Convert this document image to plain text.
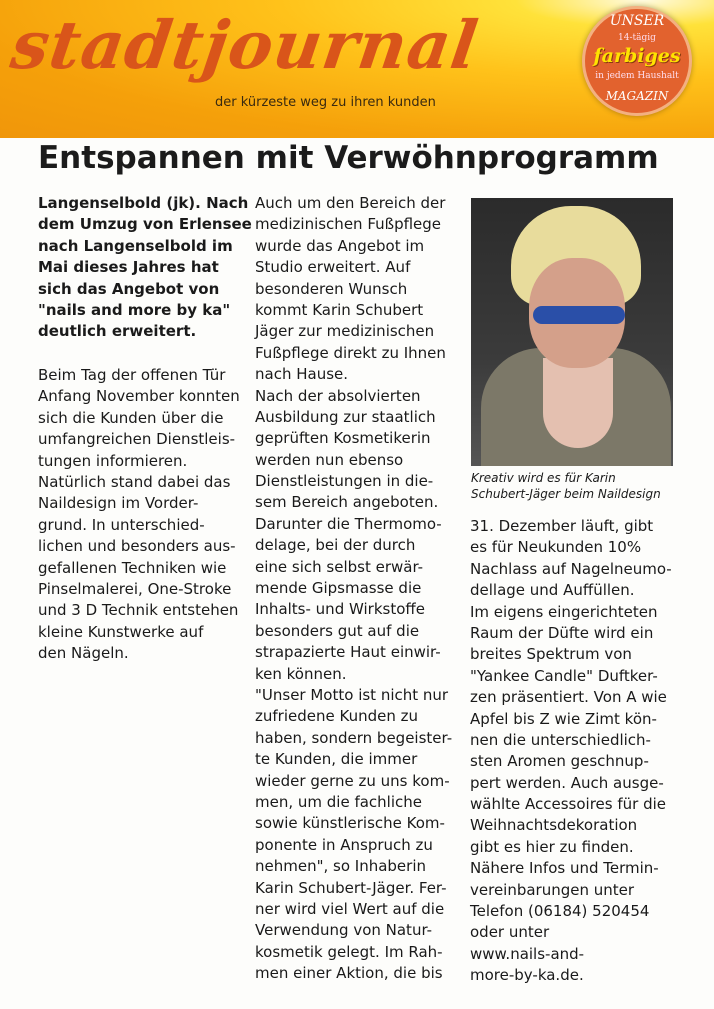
stadtjournal
der kürzeste weg zu ihren kunden
UNSER
14-tägig
farbiges
in jedem Haushalt
MAGAZIN
Entspannen mit Verwöhnprogramm
Langenselbold (jk). Nach
dem Umzug von Erlensee
nach Langenselbold im
Mai dieses Jahres hat
sich das Angebot von
"nails and more by ka"
deutlich erweitert.
Beim Tag der offenen Tür
Anfang November konnten
sich die Kunden über die
umfangreichen Dienstleis-
tungen informieren.
Natürlich stand dabei das
Naildesign im Vorder-
grund. In unterschied-
lichen und besonders aus-
gefallenen Techniken wie
Pinselmalerei, One-Stroke
und 3 D Technik entstehen
kleine Kunstwerke auf
den Nägeln.
Auch um den Bereich der
medizinischen Fußpflege
wurde das Angebot im
Studio erweitert. Auf
besonderen Wunsch
kommt Karin Schubert
Jäger zur medizinischen
Fußpflege direkt zu Ihnen
nach Hause.
Nach der absolvierten
Ausbildung zur staatlich
geprüften Kosmetikerin
werden nun ebenso
Dienstleistungen in die-
sem Bereich angeboten.
Darunter die Thermomo-
delage, bei der durch
eine sich selbst erwär-
mende Gipsmasse die
Inhalts- und Wirkstoffe
besonders gut auf die
strapazierte Haut einwir-
ken können.
"Unser Motto ist nicht nur
zufriedene Kunden zu
haben, sondern begeister-
te Kunden, die immer
wieder gerne zu uns kom-
men, um die fachliche
sowie künstlerische Kom-
ponente in Anspruch zu
nehmen", so Inhaberin
Karin Schubert-Jäger. Fer-
ner wird viel Wert auf die
Verwendung von Natur-
kosmetik gelegt. Im Rah-
men einer Aktion, die bis
Kreativ wird es für Karin
Schubert-Jäger beim Naildesign
31. Dezember läuft, gibt
es für Neukunden 10%
Nachlass auf Nagelneumo-
dellage und Auffüllen.
Im eigens eingerichteten
Raum der Düfte wird ein
breites Spektrum von
"Yankee Candle" Duftker-
zen präsentiert. Von A wie
Apfel bis Z wie Zimt kön-
nen die unterschiedlich-
sten Aromen geschnup-
pert werden. Auch ausge-
wählte Accessoires für die
Weihnachtsdekoration
gibt es hier zu finden.
Nähere Infos und Termin-
vereinbarungen unter
Telefon (06184) 520454
oder unter
www.nails-and-
more-by-ka.de.
